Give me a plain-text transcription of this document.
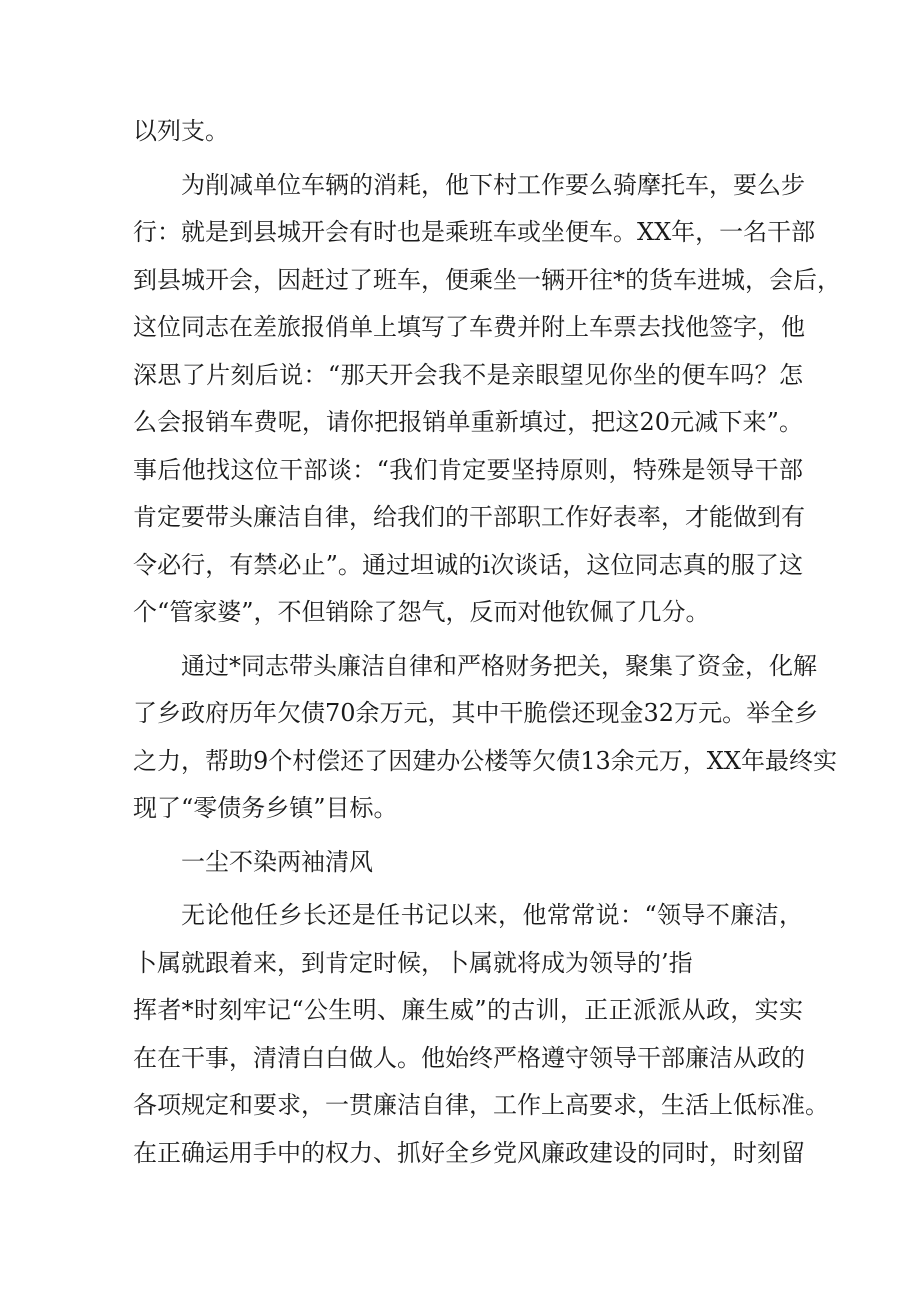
以列支。
为削减单位车辆的消耗，他下村工作要么骑摩托车，要么步
行：就是到县城开会有时也是乘班车或坐便车。XX年，一名干部
到县城开会，因赶过了班车，便乘坐一辆开往*的货车进城，会后，
这位同志在差旅报俏单上填写了车费并附上车票去找他签字，他
深思了片刻后说：“那天开会我不是亲眼望见你坐的便车吗？怎
么会报销车费呢，请你把报销单重新填过，把这20元减下来”。
事后他找这位干部谈：“我们肯定要坚持原则，特殊是领导干部
肯定要带头廉洁自律，给我们的干部职工作好表率，才能做到有
令必行，有禁必止”。通过坦诚的i次谈话，这位同志真的服了这
个“管家婆”，不但销除了怨气，反而对他钦佩了几分。
通过*同志带头廉洁自律和严格财务把关，聚集了资金，化解
了乡政府历年欠债70余万元，其中干脆偿还现金32万元。举全乡
之力，帮助9个村偿还了因建办公楼等欠债13余元万，XX年最终实
现了“零债务乡镇”目标。
一尘不染两袖清风
无论他任乡长还是任书记以来，他常常说：“领导不廉洁，
卜属就跟着来，到肯定时候，卜属就将成为领导的’指
挥者*时刻牢记“公生明、廉生威”的古训，正正派派从政，实实
在在干事，清清白白做人。他始终严格遵守领导干部廉洁从政的
各项规定和要求，一贯廉洁自律，工作上高要求，生活上低标准。
在正确运用手中的权力、抓好全乡党风廉政建设的同时，时刻留
